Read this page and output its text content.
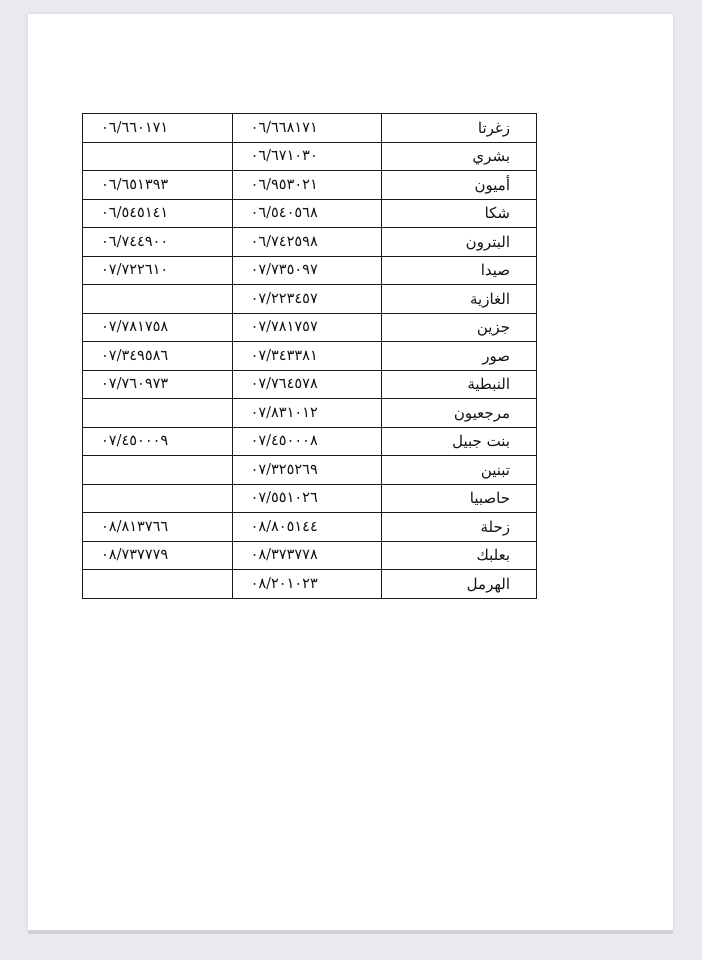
زغرتا	٠٦/٦٦٨١٧١	٠٦/٦٦٠١٧١
بشري	٠٦/٦٧١٠٣٠	
أميون	٠٦/٩٥٣٠٢١	٠٦/٦٥١٣٩٣
شكا	٠٦/٥٤٠٥٦٨	٠٦/٥٤٥١٤١
البترون	٠٦/٧٤٢٥٩٨	٠٦/٧٤٤٩٠٠
صيدا	٠٧/٧٣٥٠٩٧	٠٧/٧٢٢٦١٠
الغازية	٠٧/٢٢٣٤٥٧	
جزين	٠٧/٧٨١٧٥٧	٠٧/٧٨١٧٥٨
صور	٠٧/٣٤٣٣٨١	٠٧/٣٤٩٥٨٦
النبطية	٠٧/٧٦٤٥٧٨	٠٧/٧٦٠٩٧٣
مرجعيون	٠٧/٨٣١٠١٢	
بنت جبيل	٠٧/٤٥٠٠٠٨	٠٧/٤٥٠٠٠٩
تبنين	٠٧/٣٢٥٢٦٩	
حاصبيا	٠٧/٥٥١٠٢٦	
زحلة	٠٨/٨٠٥١٤٤	٠٨/٨١٣٧٦٦
بعلبك	٠٨/٣٧٣٧٧٨	٠٨/٧٣٧٧٧٩
الهرمل	٠٨/٢٠١٠٢٣	
